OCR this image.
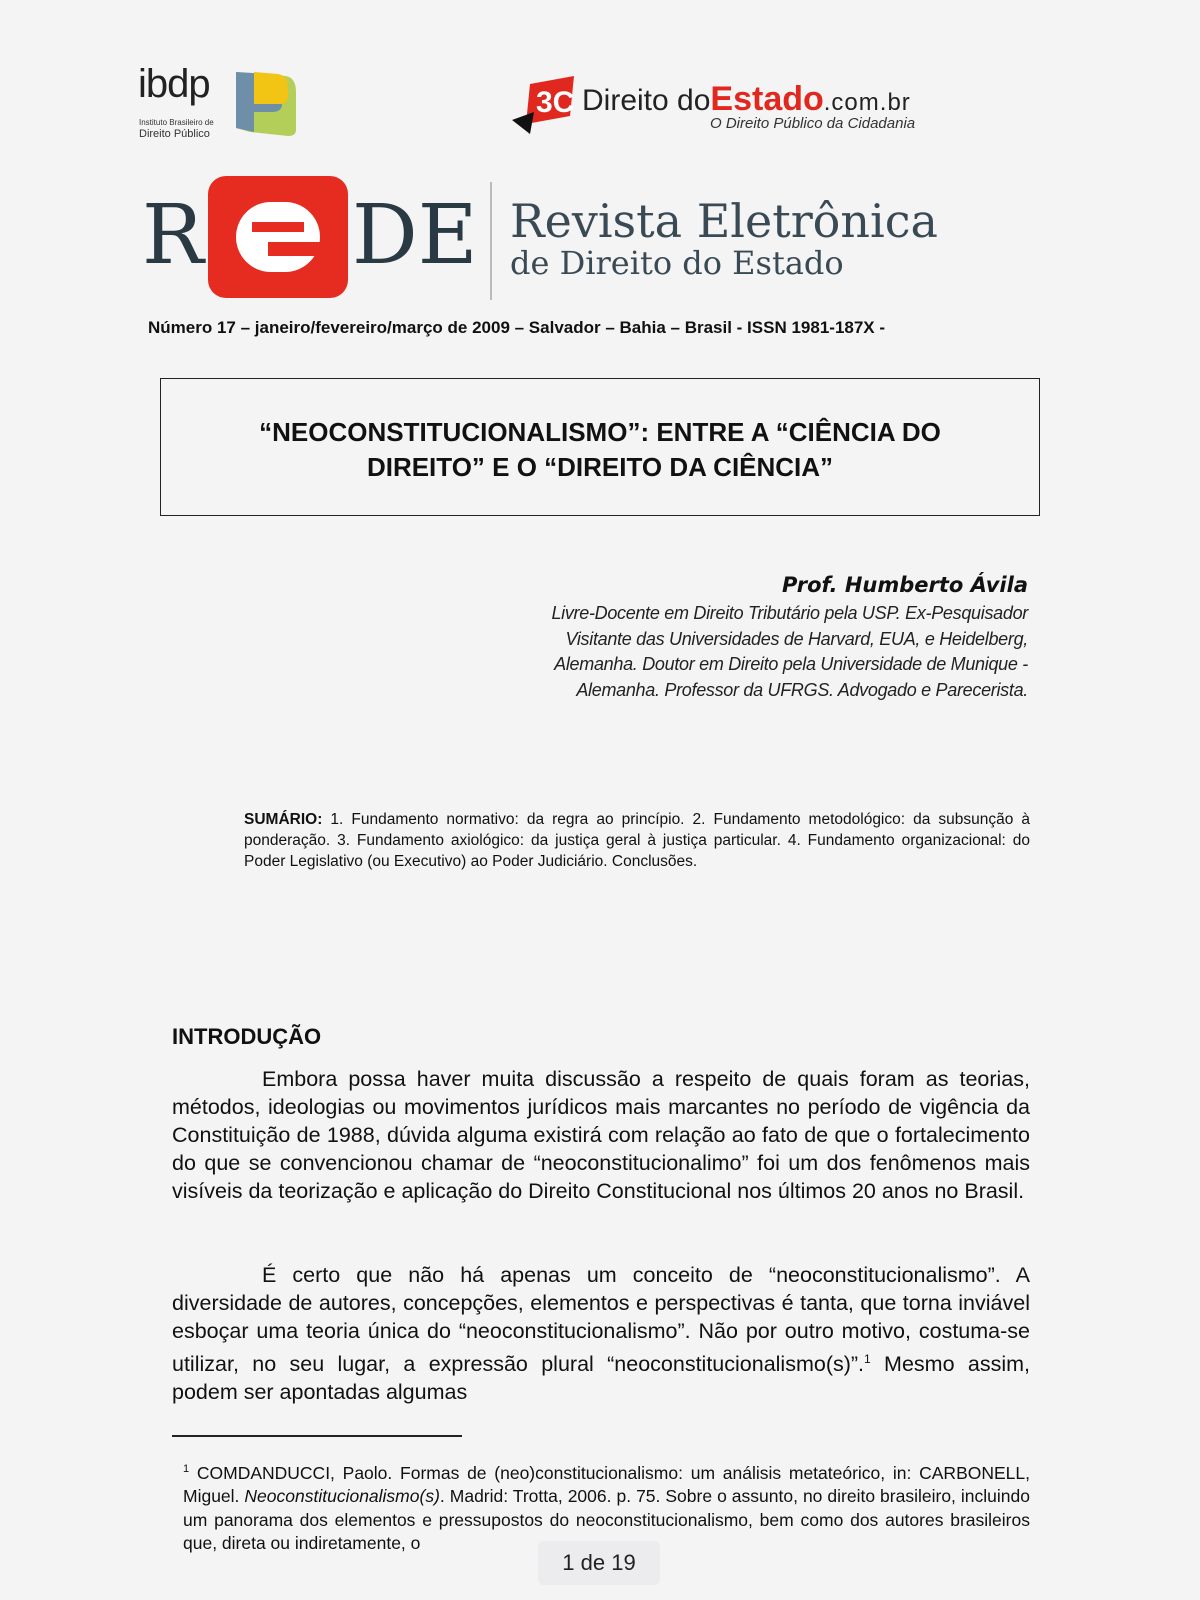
ibdp
Instituto Brasileiro de
Direito Público
3C Direito doEstado.com.br
O Direito Público da Cidadania
R DE Revista Eletrônica
de Direito do Estado
Número 17 – janeiro/fevereiro/março de 2009 – Salvador – Bahia – Brasil - ISSN 1981-187X -
“NEOCONSTITUCIONALISMO”: ENTRE A “CIÊNCIA DO
DIREITO” E O “DIREITO DA CIÊNCIA”
Prof. Humberto Ávila
Livre-Docente em Direito Tributário pela USP. Ex-Pesquisador
Visitante das Universidades de Harvard, EUA, e Heidelberg,
Alemanha. Doutor em Direito pela Universidade de Munique -
Alemanha. Professor da UFRGS. Advogado e Parecerista.
SUMÁRIO: 1. Fundamento normativo: da regra ao princípio. 2. Fundamento metodológico: da subsunção à ponderação. 3. Fundamento axiológico: da justiça geral à justiça particular. 4. Fundamento organizacional: do Poder Legislativo (ou Executivo) ao Poder Judiciário. Conclusões.
INTRODUÇÃO
Embora possa haver muita discussão a respeito de quais foram as teorias, métodos, ideologias ou movimentos jurídicos mais marcantes no período de vigência da Constituição de 1988, dúvida alguma existirá com relação ao fato de que o fortalecimento do que se convencionou chamar de “neoconstitucionalimo” foi um dos fenômenos mais visíveis da teorização e aplicação do Direito Constitucional nos últimos 20 anos no Brasil.
É certo que não há apenas um conceito de “neoconstitucionalismo”. A diversidade de autores, concepções, elementos e perspectivas é tanta, que torna inviável esboçar uma teoria única do “neoconstitucionalismo”. Não por outro motivo, costuma-se utilizar, no seu lugar, a expressão plural “neoconstitucionalismo(s)”.$^1$ Mesmo assim, podem ser apontadas algumas
$^1$ COMDANDUCCI, Paolo. Formas de (neo)constitucionalismo: um análisis metateórico, in: CARBONELL, Miguel. Neoconstitucionalismo(s). Madrid: Trotta, 2006. p. 75. Sobre o assunto, no direito brasileiro, incluindo um panorama dos elementos e pressupostos do neoconstitucionalismo, bem como dos autores brasileiros que, direta ou indiretamente, o
1 de 19
